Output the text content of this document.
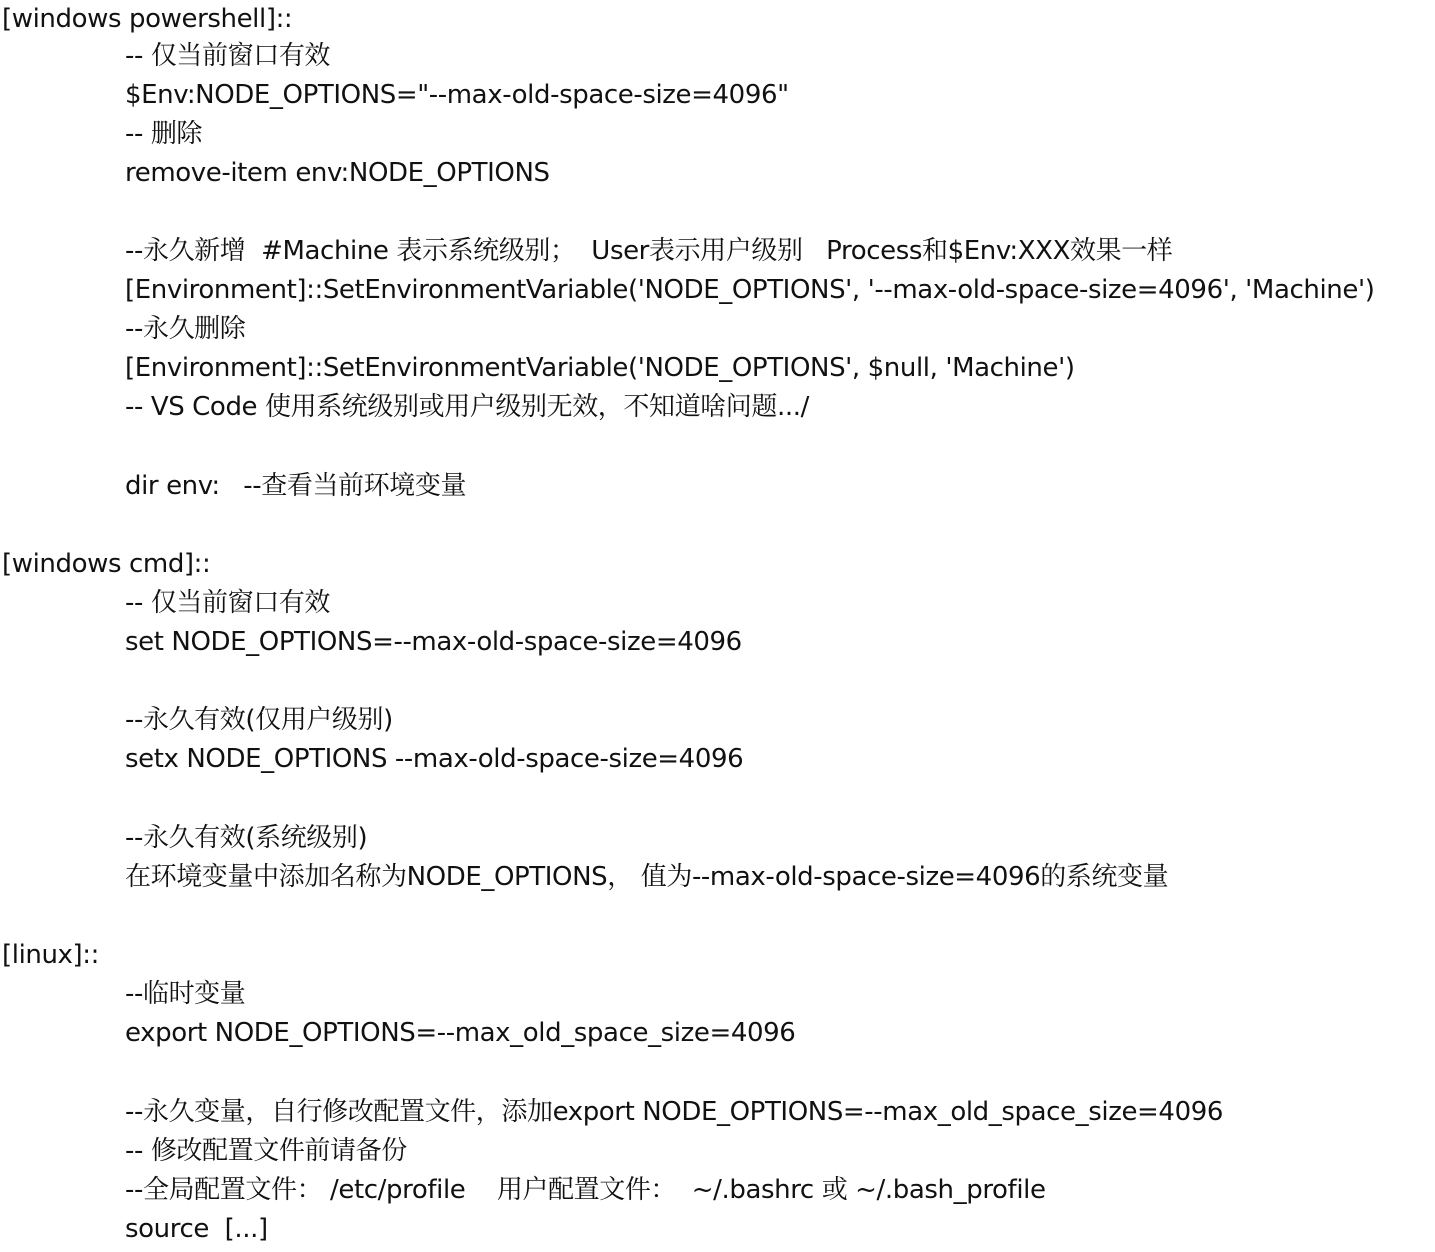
[windows powershell]::
-- 仅当前窗口有效
$Env:NODE_OPTIONS="--max-old-space-size=4096"
-- 删除
remove-item env:NODE_OPTIONS
--永久新增  #Machine 表示系统级别；  User表示用户级别   Process和$Env:XXX效果一样
[Environment]::SetEnvironmentVariable('NODE_OPTIONS', '--max-old-space-size=4096', 'Machine')
--永久删除
[Environment]::SetEnvironmentVariable('NODE_OPTIONS', $null, 'Machine')
-- VS Code 使用系统级别或用户级别无效，不知道啥问题.../
dir env:   --查看当前环境变量
[windows cmd]::
-- 仅当前窗口有效
set NODE_OPTIONS=--max-old-space-size=4096
--永久有效(仅用户级别)
setx NODE_OPTIONS --max-old-space-size=4096
--永久有效(系统级别)
在环境变量中添加名称为NODE_OPTIONS， 值为--max-old-space-size=4096的系统变量
[linux]::
--临时变量
export NODE_OPTIONS=--max_old_space_size=4096
--永久变量，自行修改配置文件，添加export NODE_OPTIONS=--max_old_space_size=4096
-- 修改配置文件前请备份
--全局配置文件： /etc/profile    用户配置文件：  ~/.bashrc 或 ~/.bash_profile
source  [...]
